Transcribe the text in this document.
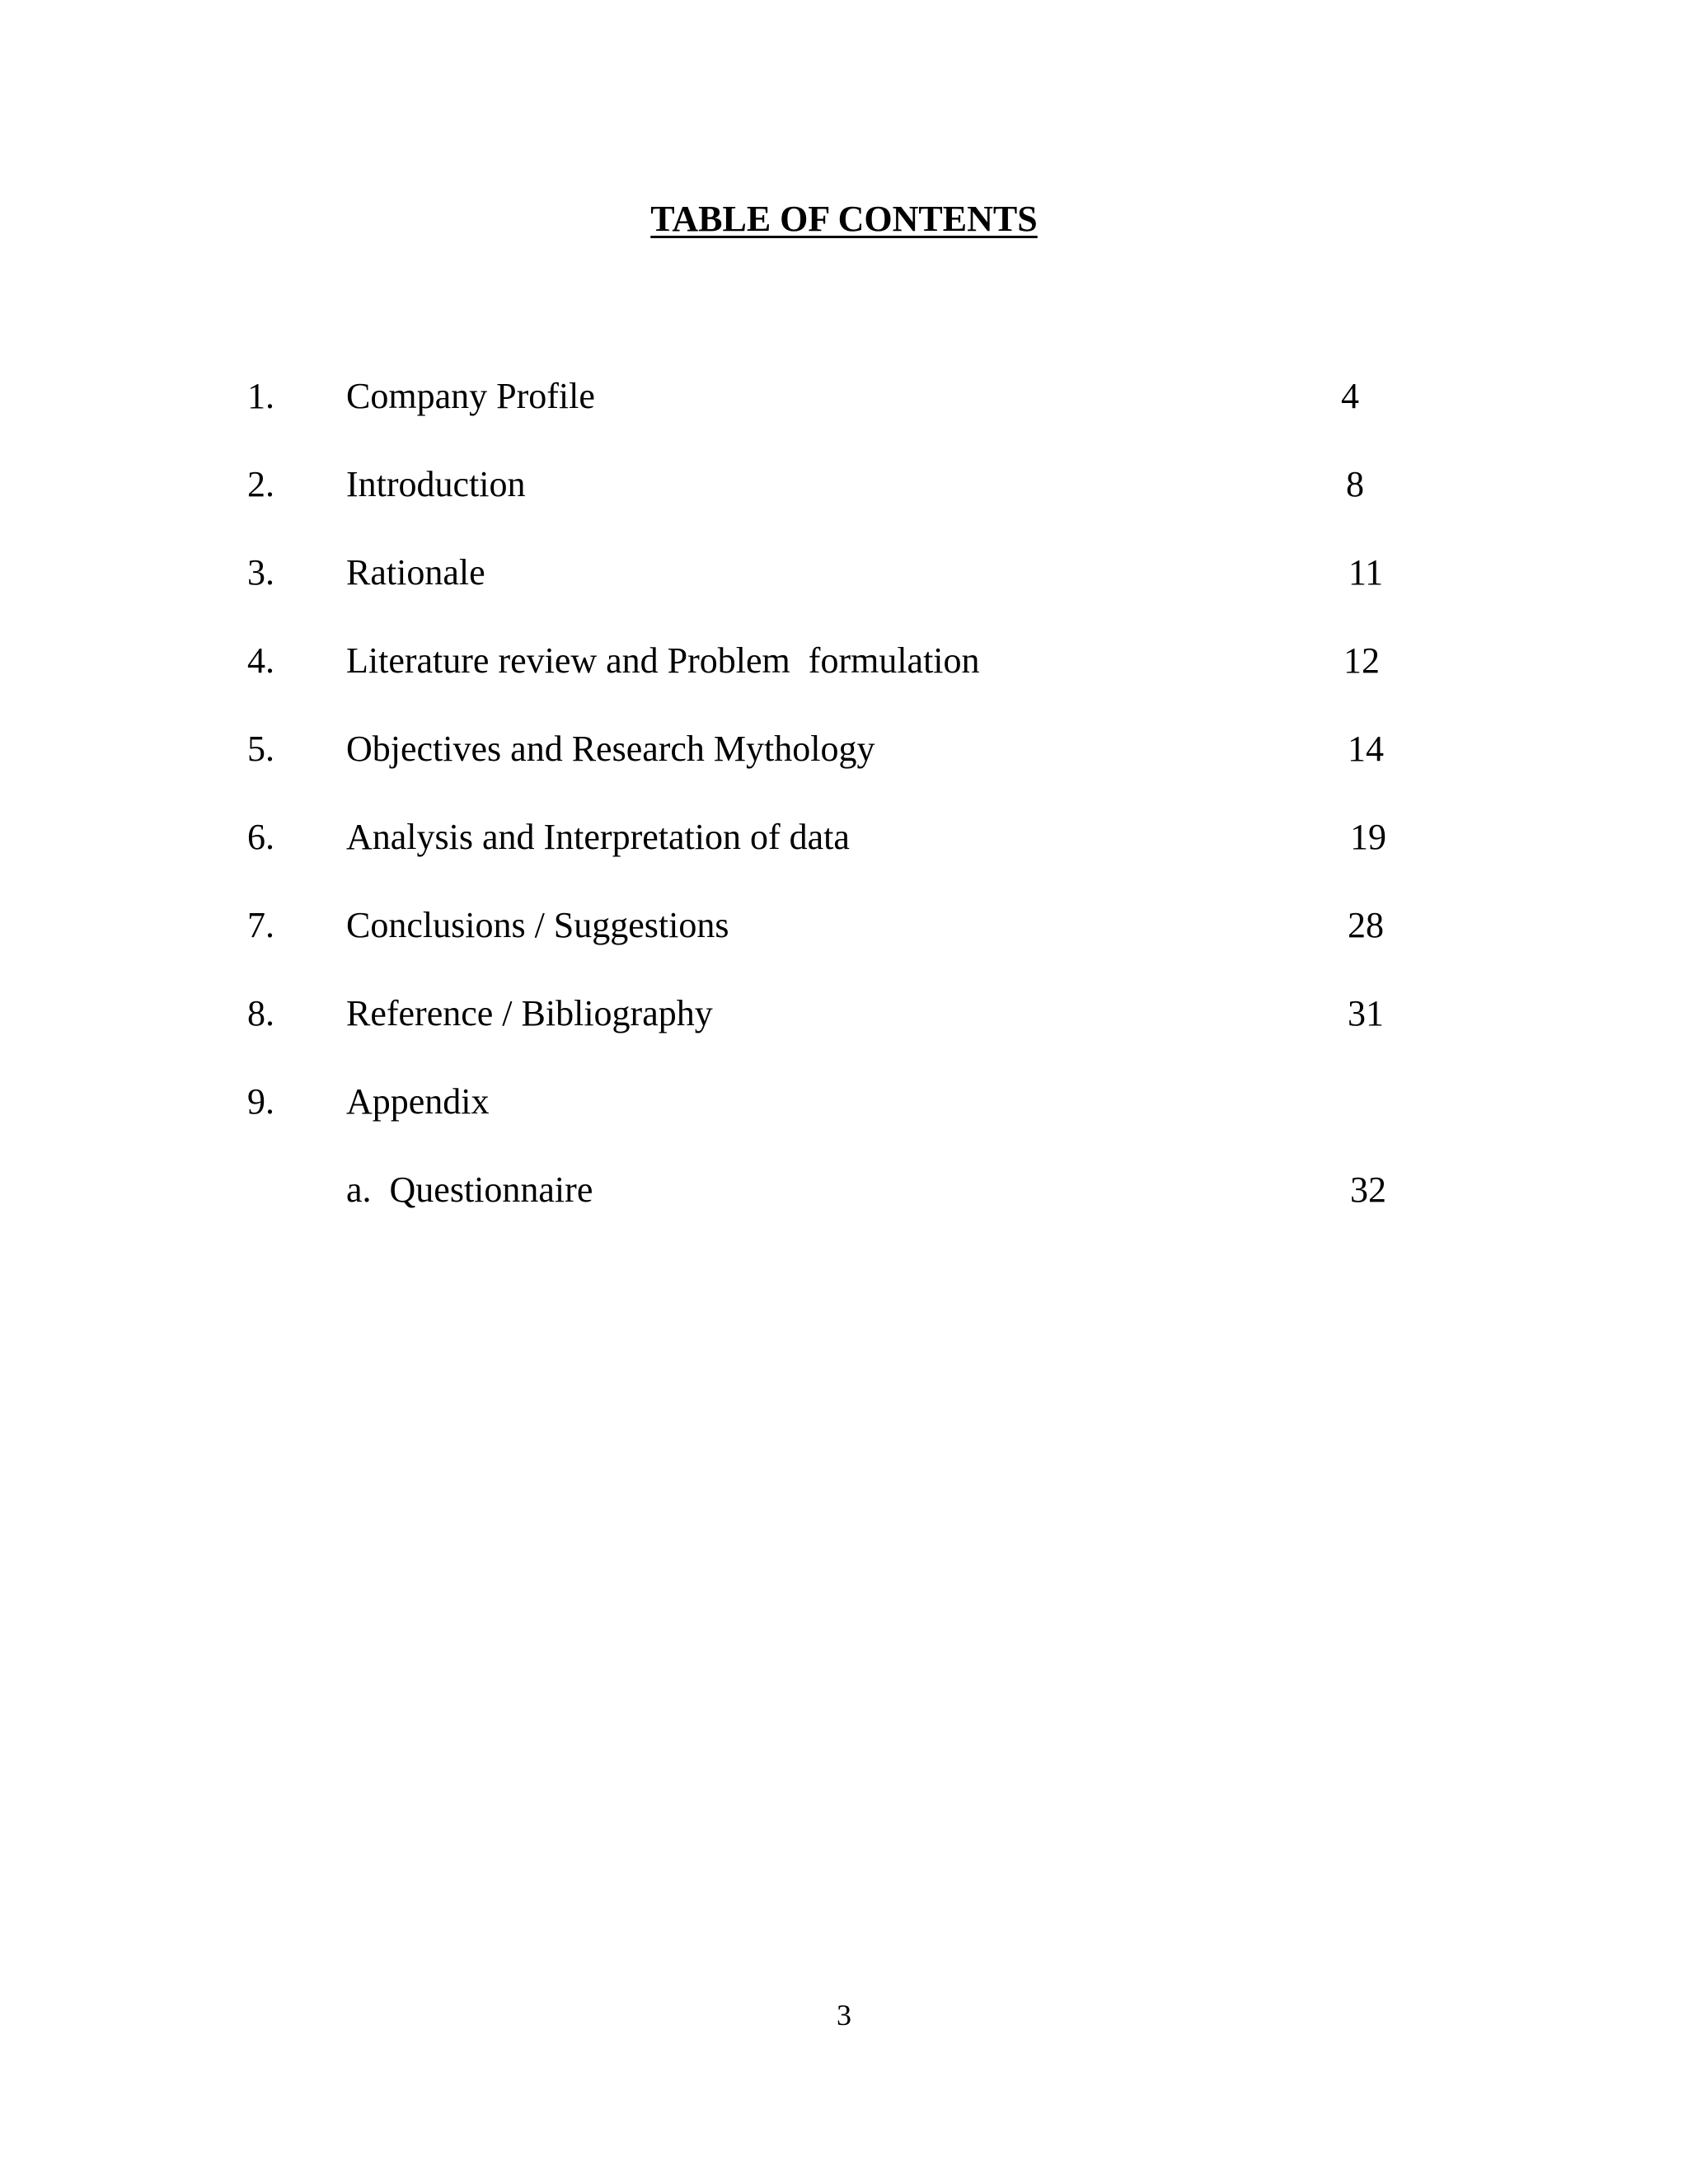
TABLE OF CONTENTS
1. Company Profile	4
2. Introduction	8
3. Rationale	11
4. Literature review and Problem  formulation	12
5. Objectives and Research Mythology	14
6. Analysis and Interpretation of data	19
7. Conclusions / Suggestions	28
8. Reference / Bibliography	31
9. Appendix
a.  Questionnaire	32
3
